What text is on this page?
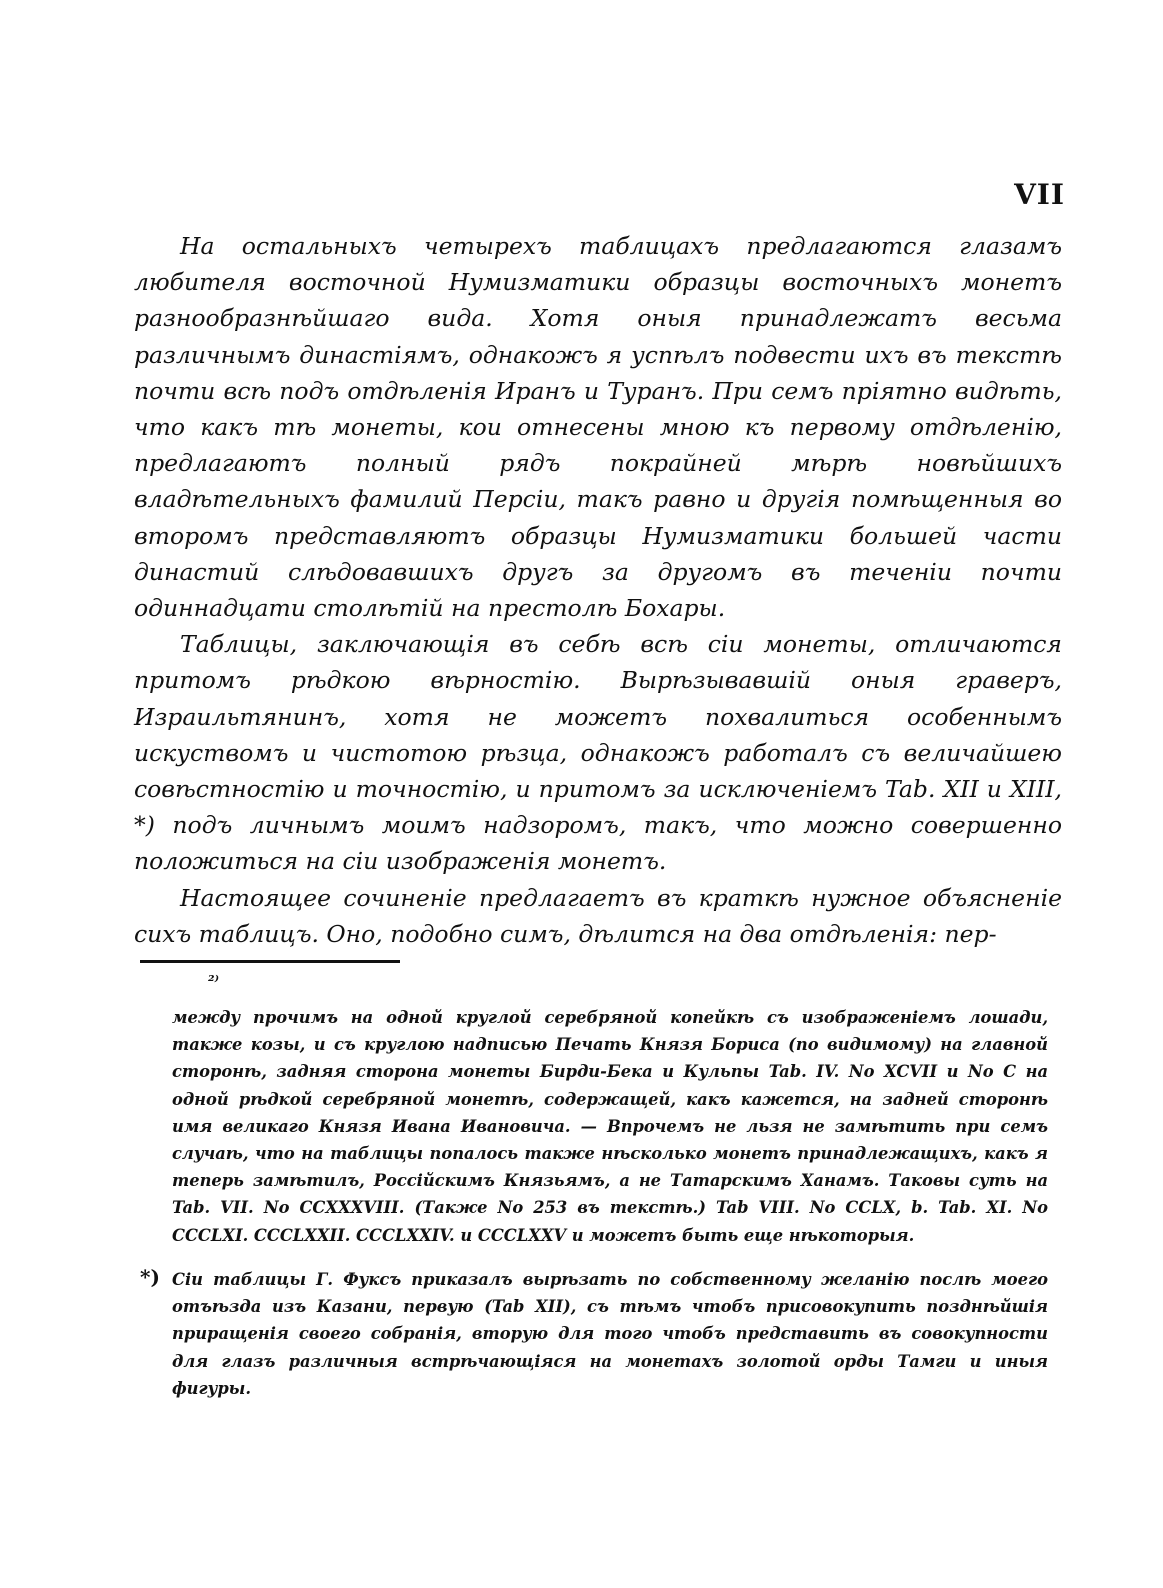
VII

На остальныхъ четырехъ таблицахъ предлагаются глазамъ любителя восточной Нумизматики образцы восточныхъ монетъ разнообразнѣйшаго вида. Хотя оныя принадлежатъ весьма различнымъ династіямъ, однакожъ я успѣлъ подвести ихъ въ текстѣ почти всѣ подъ отдѣленія Иранъ и Туранъ. При семъ пріятно видѣть, что какъ тѣ монеты, кои отнесены мною къ первому отдѣленію, предлагаютъ полный рядъ покрайней мѣрѣ новѣйшихъ владѣтельныхъ фамилий Персіи, такъ равно и другія помѣщенныя во второмъ представляютъ образцы Нумизматики большей части династий слѣдовавшихъ другъ за другомъ въ теченіи почти одиннадцати столѣтій на престолѣ Бохары.

Таблицы, заключающія въ себѣ всѣ сіи монеты, отличаются притомъ рѣдкою вѣрностію. Вырѣзывавшій оныя граверъ, Израильтянинъ, хотя не можетъ похвалиться особеннымъ искуствомъ и чистотою рѣзца, однакожъ работалъ съ величайшею совѣстностію и точностію, и притомъ за исключеніемъ Tab. XII и XIII, *) подъ личнымъ моимъ надзоромъ, такъ, что можно совершенно положиться на сіи изображенія монетъ.

Настоящее сочиненіе предлагаетъ въ краткѣ нужное объясненіе сихъ таблицъ. Оно, подобно симъ, дѣлится на два отдѣленія: пер-

²⁾
между прочимъ на одной круглой серебряной копейкѣ съ изображеніемъ лошади, также козы, и съ круглою надписью Печать Князя Бориса (по видимому) на главной сторонѣ, задняя сторона монеты Бирди-Бека и Кульпы Tab. IV. No XCVII и No C на одной рѣдкой серебряной монетѣ, содержащей, какъ кажется, на задней сторонѣ имя великаго Князя Ивана Ивановича. — Впрочемъ не льзя не замѣтить при семъ случаѣ, что на таблицы попалось также нѣсколько монетъ принадлежащихъ, какъ я теперь замѣтилъ, Россійскимъ Князьямъ, а не Татарскимъ Ханамъ. Таковы суть на Tab. VII. No CCXXXVIII. (Также No 253 въ текстѣ.) Tab VIII. No CCLX, b. Tab. XI. No CCCLXI. CCCLXXII. CCCLXXIV. и CCCLXXV и можетъ быть еще нѣкоторыя.
*) Сіи таблицы Г. Фуксъ приказалъ вырѣзать по собственному желанію послѣ моего отъѣзда изъ Казани, первую (Tab XII), съ тѣмъ чтобъ присовокупить позднѣйшія приращенія своего собранія, вторую для того чтобъ представить въ совокупности для глазъ различныя встрѣчающіяся на монетахъ золотой орды Тамги и иныя фигуры.
